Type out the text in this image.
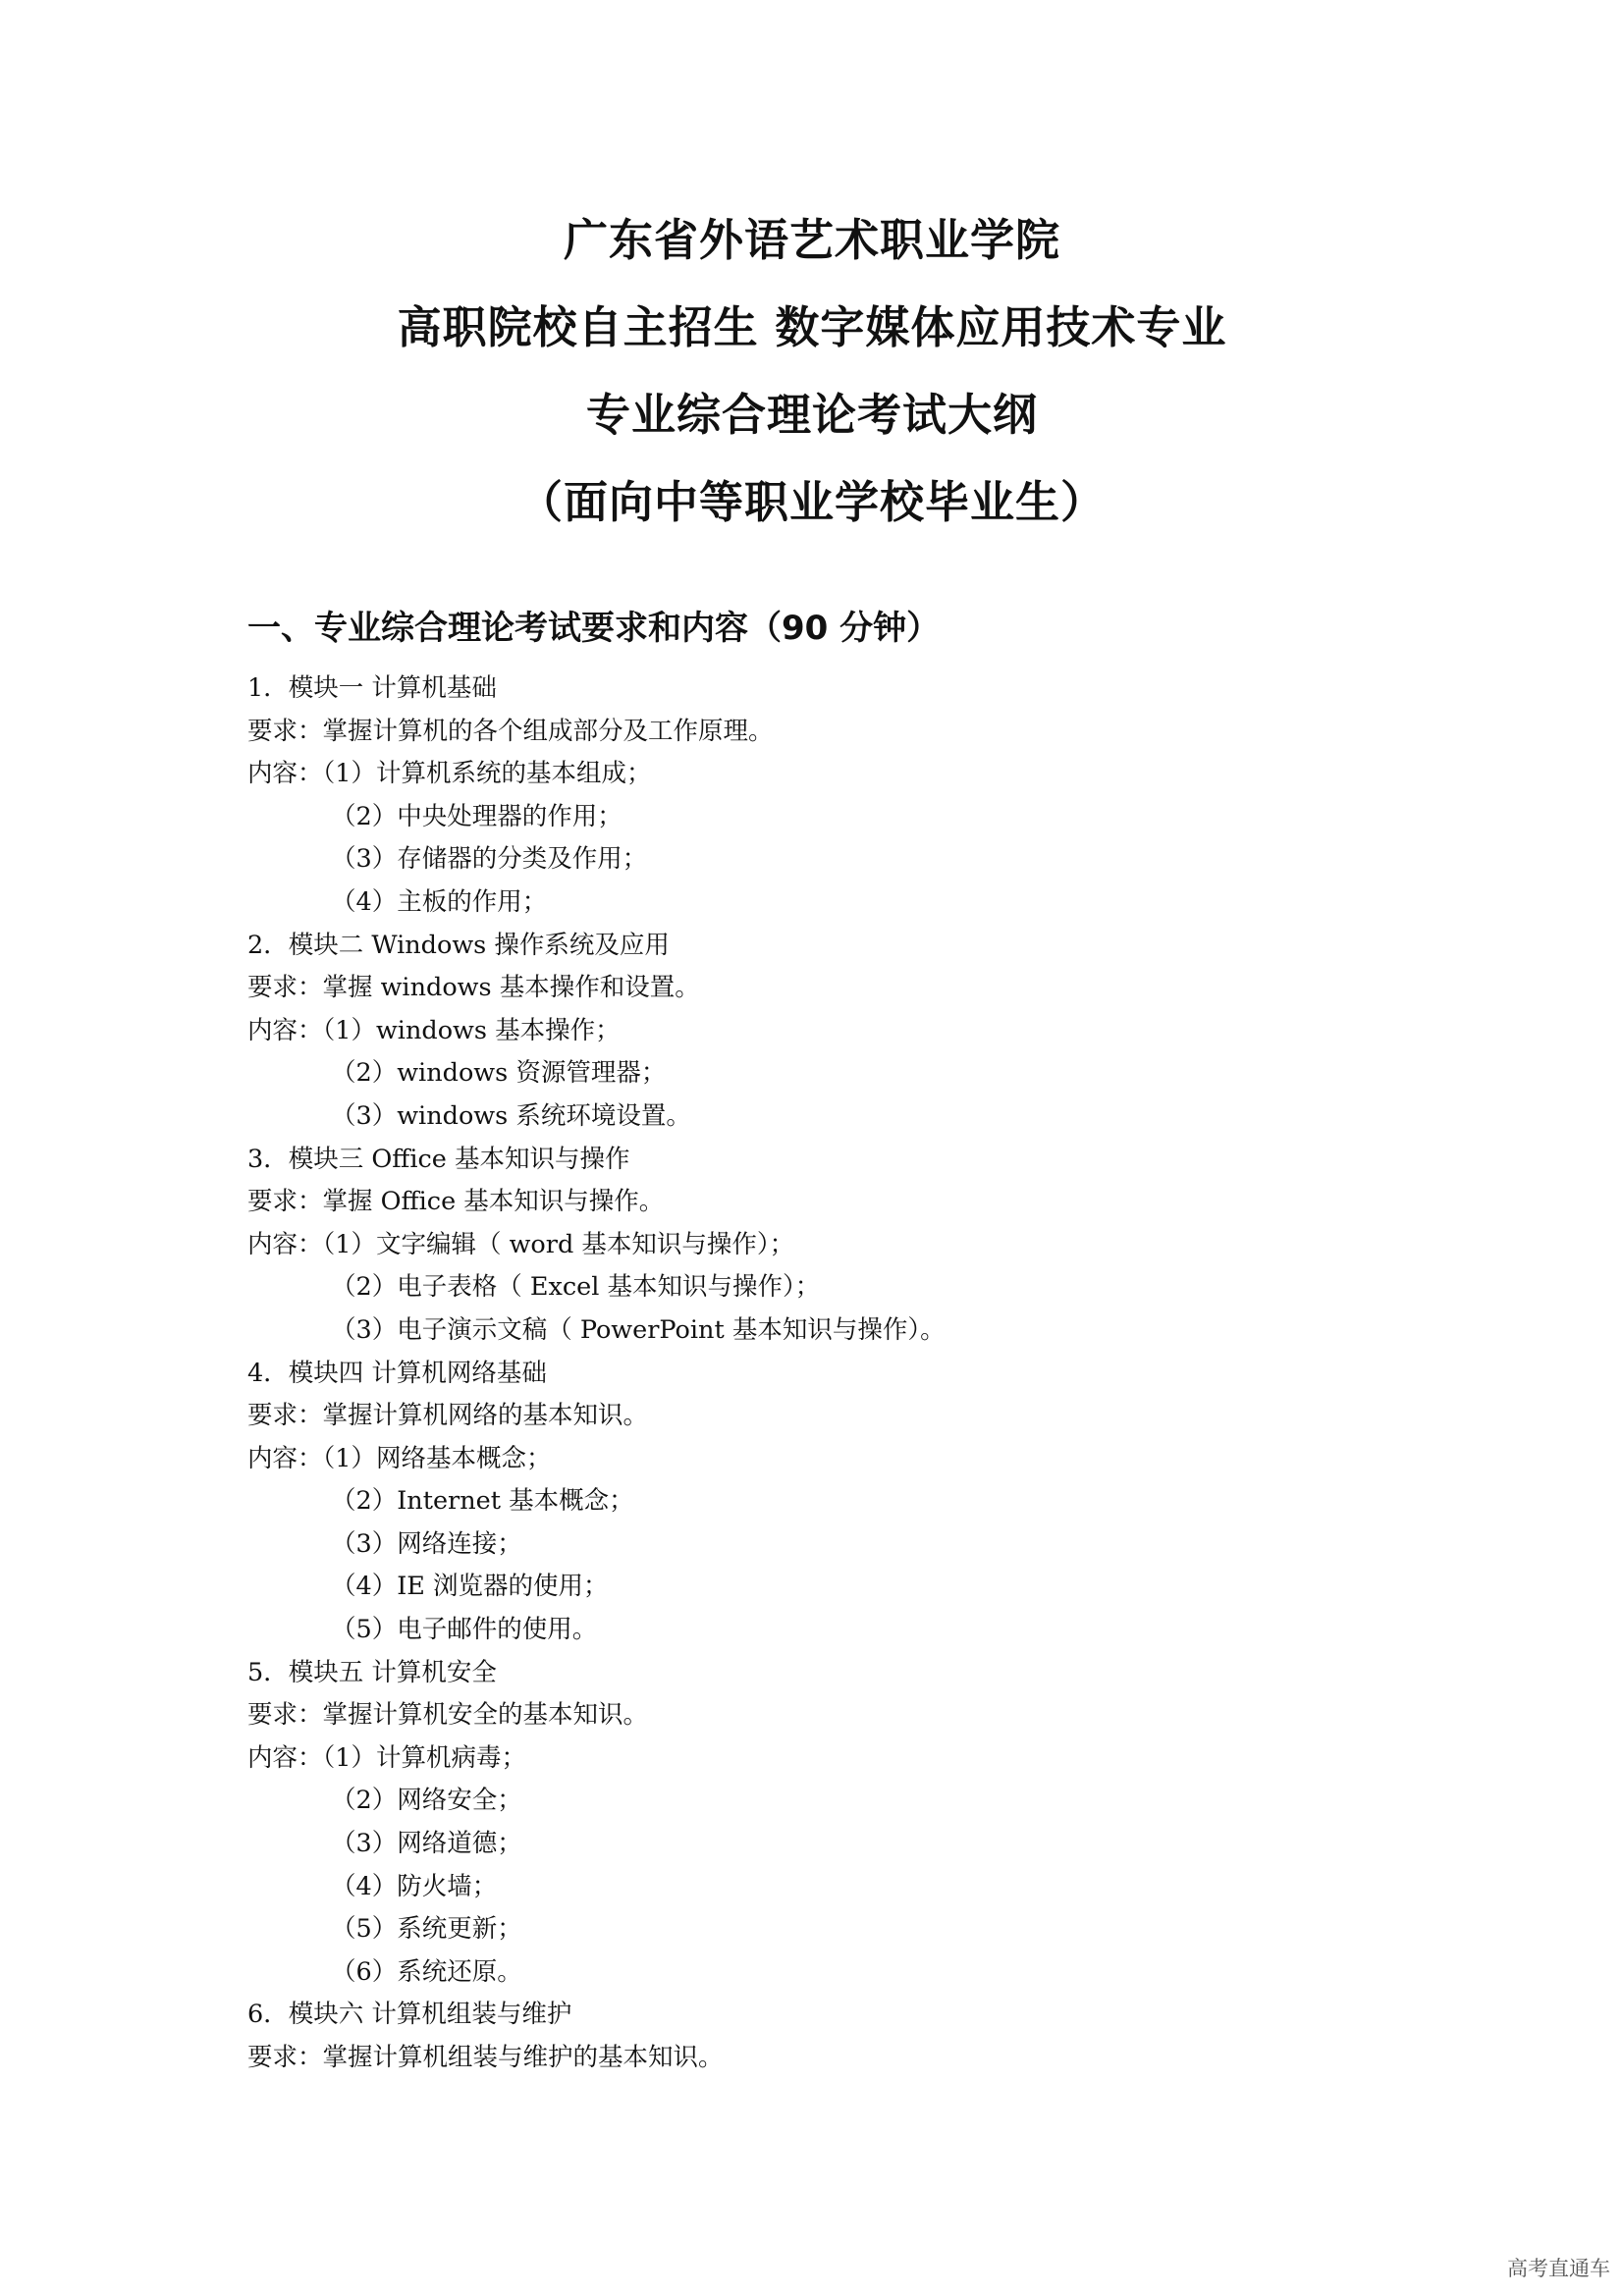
广东省外语艺术职业学院
高职院校自主招生 数字媒体应用技术专业
专业综合理论考试大纲
（面向中等职业学校毕业生）
一、专业综合理论考试要求和内容（90 分钟）
1．模块一 计算机基础
要求：掌握计算机的各个组成部分及工作原理。
内容：（1）计算机系统的基本组成；
（2）中央处理器的作用；
（3）存储器的分类及作用；
（4）主板的作用；
2．模块二 Windows 操作系统及应用
要求：掌握 windows 基本操作和设置。
内容：（1）windows 基本操作；
（2）windows 资源管理器；
（3）windows 系统环境设置。
3．模块三 Office 基本知识与操作
要求：掌握 Office 基本知识与操作。
内容：（1）文字编辑（ word 基本知识与操作）；
（2）电子表格（ Excel 基本知识与操作）；
（3）电子演示文稿（ PowerPoint 基本知识与操作）。
4．模块四 计算机网络基础
要求：掌握计算机网络的基本知识。
内容：（1）网络基本概念；
（2）Internet 基本概念；
（3）网络连接；
（4）IE 浏览器的使用；
（5）电子邮件的使用。
5．模块五 计算机安全
要求：掌握计算机安全的基本知识。
内容：（1）计算机病毒；
（2）网络安全；
（3）网络道德；
（4）防火墙；
（5）系统更新；
（6）系统还原。
6．模块六 计算机组装与维护
要求：掌握计算机组装与维护的基本知识。
高考直通车
